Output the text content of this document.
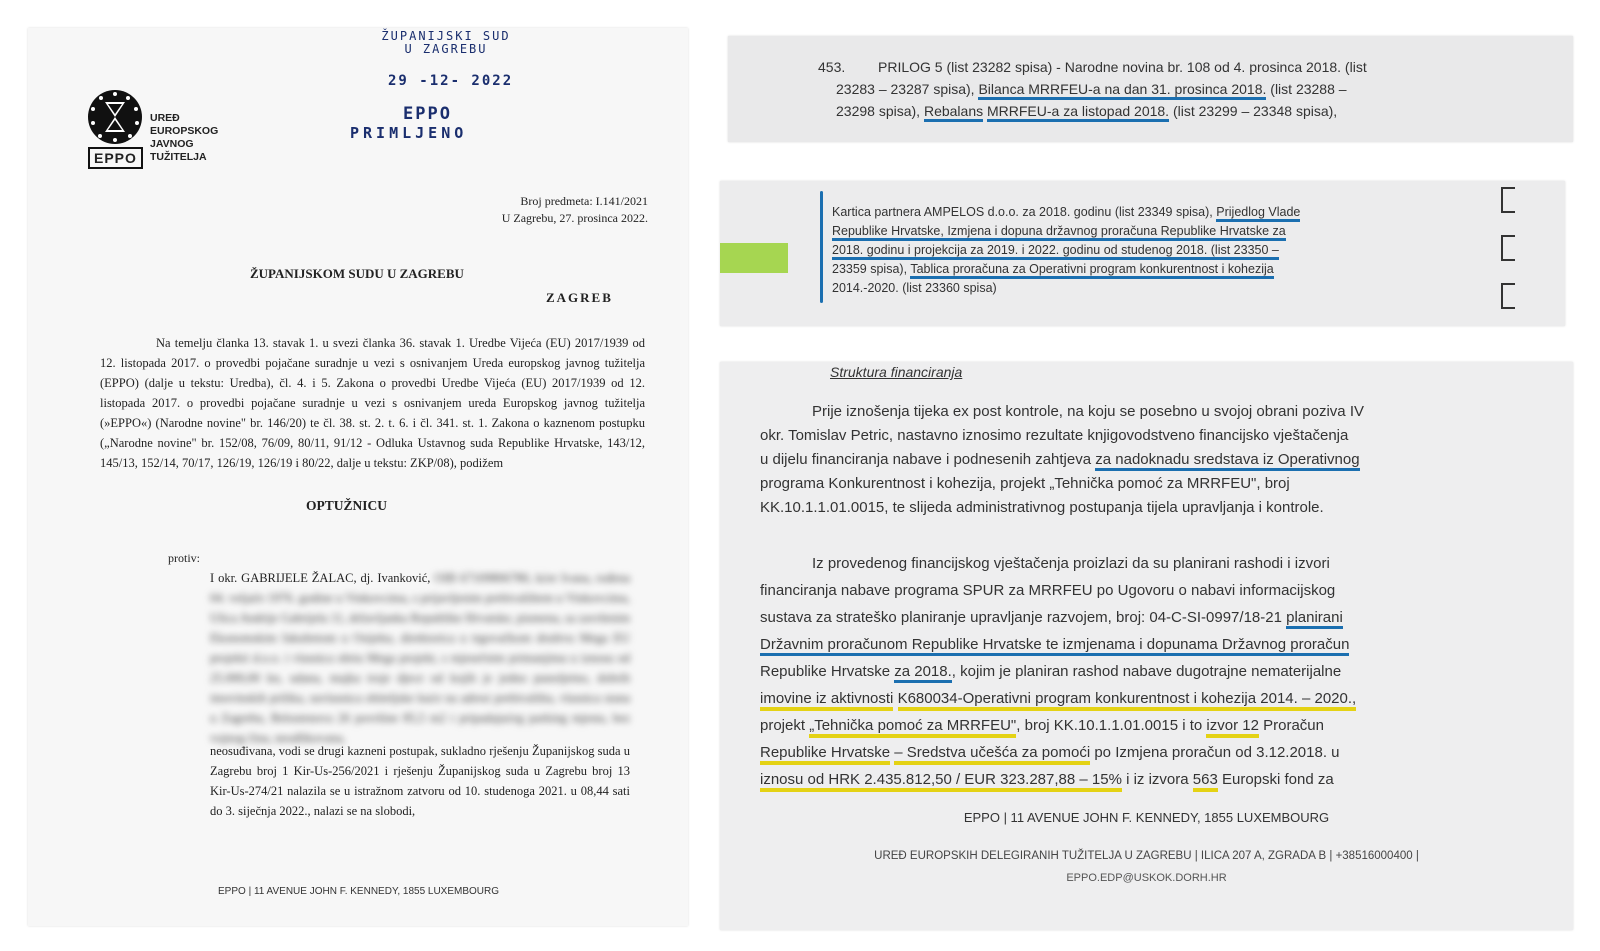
ŽUPANIJSKI SUD
U ZAGREBU
29 -12- 2022
EPPO
PRIMLJENO
EPPO
UREĐ
EUROPSKOG
JAVNOG
TUŽITELJA
Broj predmeta: I.141/2021
U Zagrebu, 27. prosinca 2022.
ŽUPANIJSKOM SUDU U ZAGREBU
ZAGREB
Na temelju članka 13. stavak 1. u svezi članka 36. stavak 1. Uredbe Vijeća (EU) 2017/1939 od 12. listopada 2017. o provedbi pojačane suradnje u vezi s osnivanjem Ureda europskog javnog tužitelja (EPPO) (dalje u tekstu: Uredba), čl. 4. i 5. Zakona o provedbi Uredbe Vijeća (EU) 2017/1939 od 12. listopada 2017. o provedbi pojačane suradnje u vezi s osnivanjem ureda Europskog javnog tužitelja (»EPPO«) (Narodne novine" br. 146/20) te čl. 38. st. 2. t. 6. i čl. 341. st. 1. Zakona o kaznenom postupku („Narodne novine" br. 152/08, 76/09, 80/11, 91/12 - Odluka Ustavnog suda Republike Hrvatske, 143/12, 145/13, 152/14, 70/17, 126/19, 126/19 i 80/22, dalje u tekstu: ZKP/08), podižem
OPTUŽNICU
protiv:
I okr. GABRIJELE ŽALAC, dj. Ivanković, OIB 67109806780, kćer Ivana, rođena 04. veljače 1976. godine u Vinkovcima, s prijavljenim prebivalištem u Vinkovcima, Ulica Andrije Gabrijela 11, državljanka Republike Hrvatske, pismena, sa završenim Ekonomskim fakultetom u Osijeku, direktorica u trgovačkom društvu Mega EU projekti d.o.o. i vlasnica obrta Mega projekt, s mjesečnim primanjima u iznosu od 25.000,00 kn, udana, majka troje djece od kojih je jedno punoljetno, dobrih imovinskih prilika, suvlasnica obiteljske kuće na adresi prebivališta, vlasnica stana u Zagrebu, Belostenova 26 površine 85,5 m2 i pripadajućeg parking mjesta, bez vojnog čina, neodlikovana,
neosuđivana, vodi se drugi kazneni postupak, sukladno rješenju Županijskog suda u Zagrebu broj 1 Kir-Us-256/2021 i rješenju Županijskog suda u Zagrebu broj 13 Kir-Us-274/21 nalazila se u istražnom zatvoru od 10. studenoga 2021. u 08,44 sati do 3. siječnja 2022., nalazi se na slobodi,
EPPO | 11 AVENUE JOHN F. KENNEDY, 1855 LUXEMBOURG
453. PRILOG 5 (list 23282 spisa) - Narodne novina br. 108 od 4. prosinca 2018. (list
23283 – 23287 spisa), Bilanca MRRFEU-a na dan 31. prosinca 2018. (list 23288 –
23298 spisa), Rebalans MRRFEU-a za listopad 2018. (list 23299 – 23348 spisa),
Kartica partnera AMPELOS d.o.o. za 2018. godinu (list 23349 spisa), Prijedlog Vlade
Republike Hrvatske, Izmjena i dopuna državnog proračuna Republike Hrvatske za
2018. godinu i projekcija za 2019. i 2022. godinu od studenog 2018. (list 23350 –
23359 spisa), Tablica proračuna za Operativni program konkurentnost i kohezija
2014.-2020. (list 23360 spisa)
Struktura financiranja
Prije iznošenja tijeka ex post kontrole, na koju se posebno u svojoj obrani poziva IV
okr. Tomislav Petric, nastavno iznosimo rezultate knjigovodstveno financijsko vještačenja
u dijelu financiranja nabave i podnesenih zahtjeva za nadoknadu sredstava iz Operativnog
programa Konkurentnost i kohezija, projekt „Tehnička pomoć za MRRFEU", broj
KK.10.1.1.01.0015, te slijeda administrativnog postupanja tijela upravljanja i kontrole.
Iz provedenog financijskog vještačenja proizlazi da su planirani rashodi i izvori
financiranja nabave programa SPUR za MRRFEU po Ugovoru o nabavi informacijskog
sustava za strateško planiranje upravljanje razvojem, broj: 04-C-SI-0997/18-21 planirani
Državnim proračunom Republike Hrvatske te izmjenama i dopunama Državnog proračun
Republike Hrvatske za 2018., kojim je planiran rashod nabave dugotrajne nematerijalne
imovine iz aktivnosti K680034-Operativni program konkurentnost i kohezija 2014. – 2020.,
projekt „Tehnička pomoć za MRRFEU", broj KK.10.1.1.01.0015 i to izvor 12 Proračun
Republike Hrvatske – Sredstva učešća za pomoći po Izmjena proračun od 3.12.2018. u
iznosu od HRK 2.435.812,50 / EUR 323.287,88 – 15% i iz izvora 563 Europski fond za
EPPO | 11 AVENUE JOHN F. KENNEDY, 1855 LUXEMBOURG
UREĐ EUROPSKIH DELEGIRANIH TUŽITELJA U ZAGREBU | ILICA 207 A, ZGRADA B | +38516000400 |
EPPO.EDP@USKOK.DORH.HR
